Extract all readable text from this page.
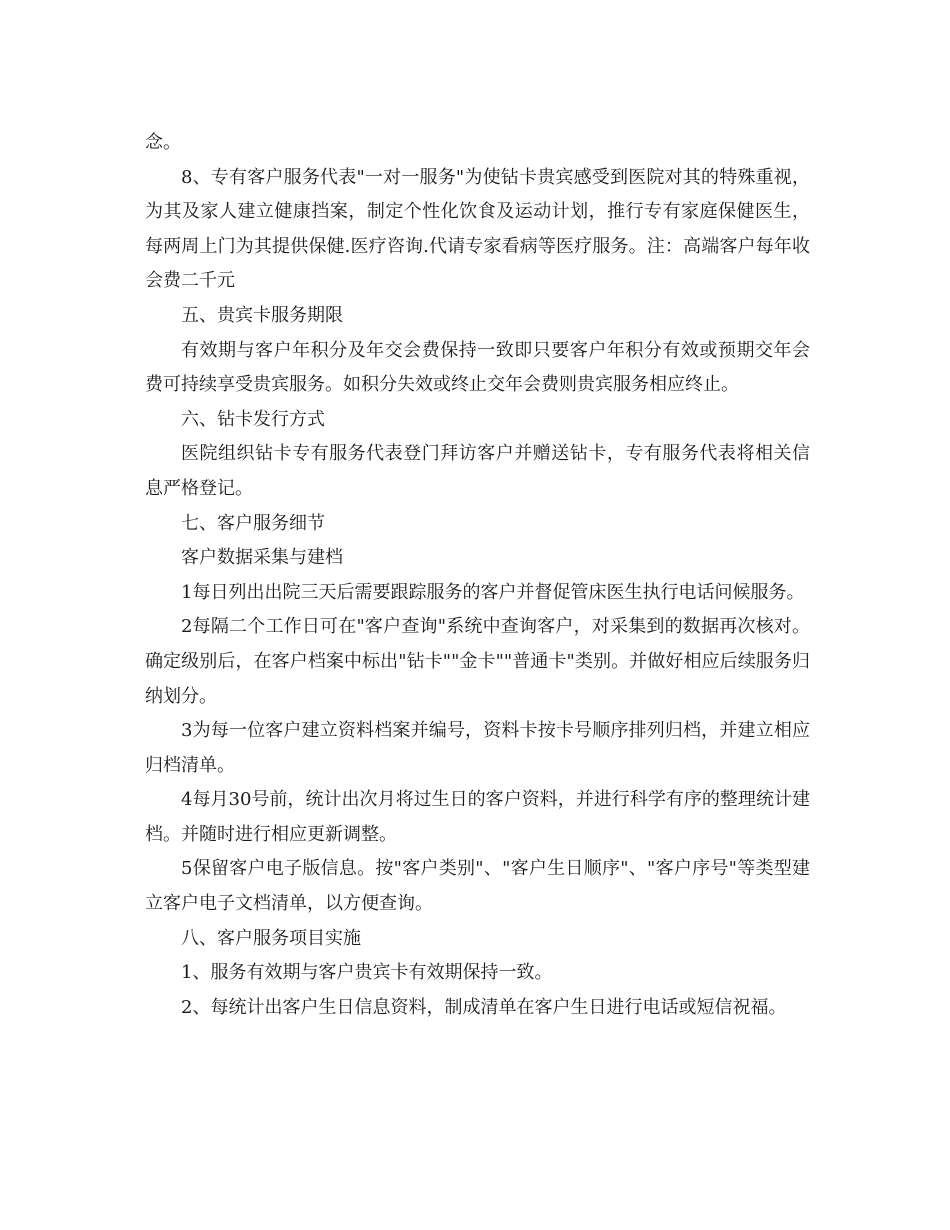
念。

8、专有客户服务代表"一对一服务"为使钻卡贵宾感受到医院对其的特殊重视，为其及家人建立健康挡案，制定个性化饮食及运动计划，推行专有家庭保健医生，每两周上门为其提供保健.医疗咨询.代请专家看病等医疗服务。注：高端客户每年收会费二千元

五、贵宾卡服务期限

有效期与客户年积分及年交会费保持一致即只要客户年积分有效或预期交年会费可持续享受贵宾服务。如积分失效或终止交年会费则贵宾服务相应终止。

六、钻卡发行方式

医院组织钻卡专有服务代表登门拜访客户并赠送钻卡，专有服务代表将相关信息严格登记。

七、客户服务细节

客户数据采集与建档

1每日列出出院三天后需要跟踪服务的客户并督促管床医生执行电话问候服务。

2每隔二个工作日可在"客户查询"系统中查询客户，对采集到的数据再次核对。确定级别后，在客户档案中标出"钻卡""金卡""普通卡"类别。并做好相应后续服务归纳划分。

3为每一位客户建立资料档案并编号，资料卡按卡号顺序排列归档，并建立相应归档清单。

4每月30号前，统计出次月将过生日的客户资料，并进行科学有序的整理统计建档。并随时进行相应更新调整。

5保留客户电子版信息。按"客户类别"、"客户生日顺序"、"客户序号"等类型建立客户电子文档清单，以方便查询。

八、客户服务项目实施

1、服务有效期与客户贵宾卡有效期保持一致。

2、每统计出客户生日信息资料，制成清单在客户生日进行电话或短信祝福。
